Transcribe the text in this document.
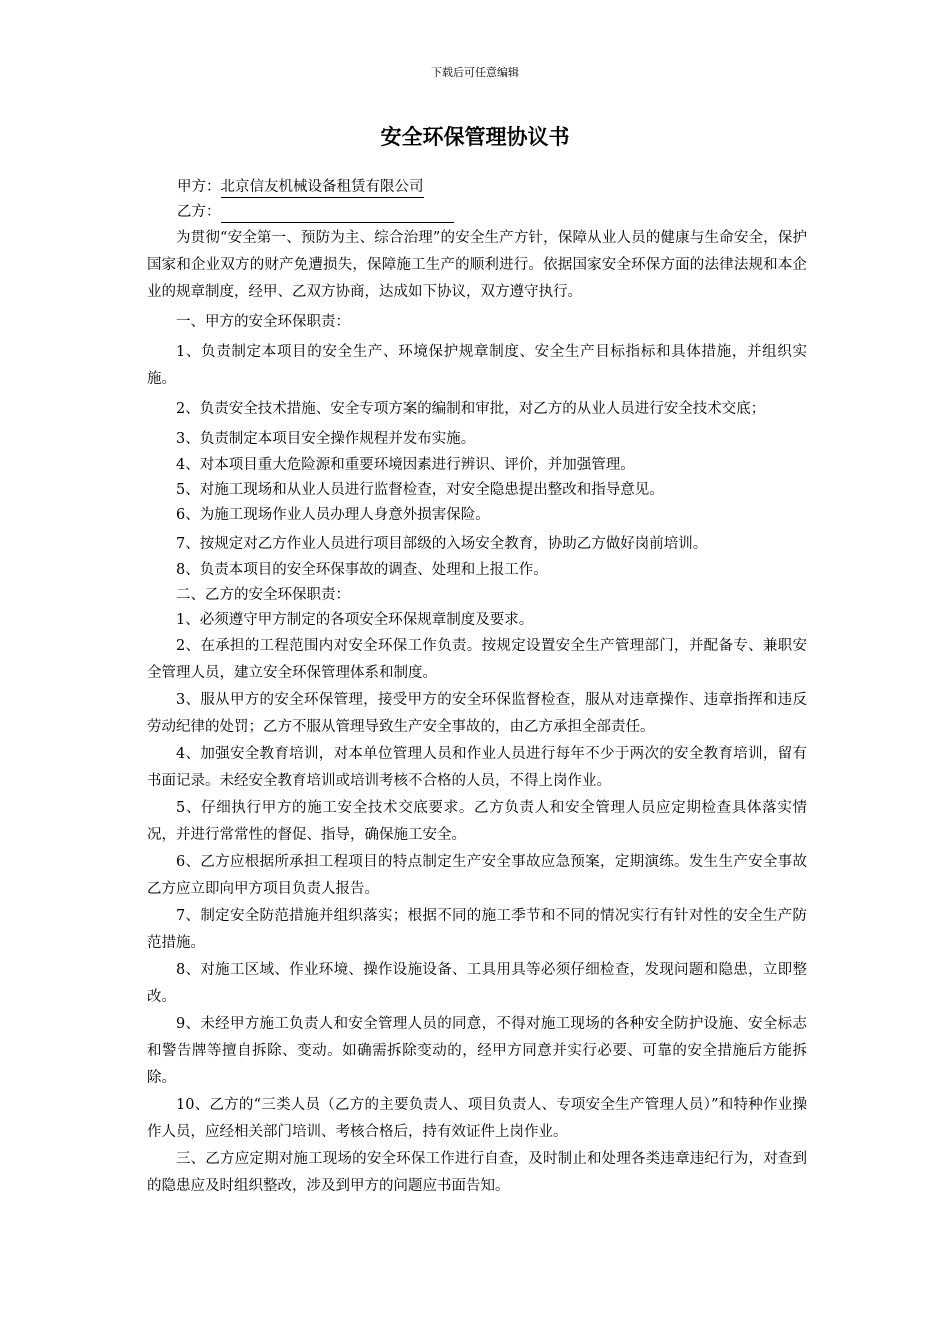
下载后可任意编辑
安全环保管理协议书
甲方：北京信友机械设备租赁有限公司
乙方：

为贯彻“安全第一、预防为主、综合治理”的安全生产方针，保障从业人员的健康与生命安全，保护国家和企业双方的财产免遭损失，保障施工生产的顺利进行。依据国家安全环保方面的法律法规和本企业的规章制度，经甲、乙双方协商，达成如下协议，双方遵守执行。

一、甲方的安全环保职责：

1、负责制定本项目的安全生产、环境保护规章制度、安全生产目标指标和具体措施，并组织实施。

2、负责安全技术措施、安全专项方案的编制和审批，对乙方的从业人员进行安全技术交底；

3、负责制定本项目安全操作规程并发布实施。

4、对本项目重大危险源和重要环境因素进行辨识、评价，并加强管理。

5、对施工现场和从业人员进行监督检查，对安全隐患提出整改和指导意见。

6、为施工现场作业人员办理人身意外损害保险。

7、按规定对乙方作业人员进行项目部级的入场安全教育，协助乙方做好岗前培训。

8、负责本项目的安全环保事故的调查、处理和上报工作。

二、乙方的安全环保职责：

1、必须遵守甲方制定的各项安全环保规章制度及要求。

2、在承担的工程范围内对安全环保工作负责。按规定设置安全生产管理部门，并配备专、兼职安全管理人员，建立安全环保管理体系和制度。

3、服从甲方的安全环保管理，接受甲方的安全环保监督检查，服从对违章操作、违章指挥和违反劳动纪律的处罚；乙方不服从管理导致生产安全事故的，由乙方承担全部责任。

4、加强安全教育培训，对本单位管理人员和作业人员进行每年不少于两次的安全教育培训，留有书面记录。未经安全教育培训或培训考核不合格的人员，不得上岗作业。

5、仔细执行甲方的施工安全技术交底要求。乙方负责人和安全管理人员应定期检查具体落实情况，并进行常常性的督促、指导，确保施工安全。

6、乙方应根据所承担工程项目的特点制定生产安全事故应急预案，定期演练。发生生产安全事故乙方应立即向甲方项目负责人报告。

7、制定安全防范措施并组织落实；根据不同的施工季节和不同的情况实行有针对性的安全生产防范措施。

8、对施工区域、作业环境、操作设施设备、工具用具等必须仔细检查，发现问题和隐患，立即整改。

9、未经甲方施工负责人和安全管理人员的同意，不得对施工现场的各种安全防护设施、安全标志和警告牌等擅自拆除、变动。如确需拆除变动的，经甲方同意并实行必要、可靠的安全措施后方能拆除。

10、乙方的“三类人员（乙方的主要负责人、项目负责人、专项安全生产管理人员）”和特种作业操作人员，应经相关部门培训、考核合格后，持有效证件上岗作业。

三、乙方应定期对施工现场的安全环保工作进行自查，及时制止和处理各类违章违纪行为，对查到的隐患应及时组织整改，涉及到甲方的问题应书面告知。
